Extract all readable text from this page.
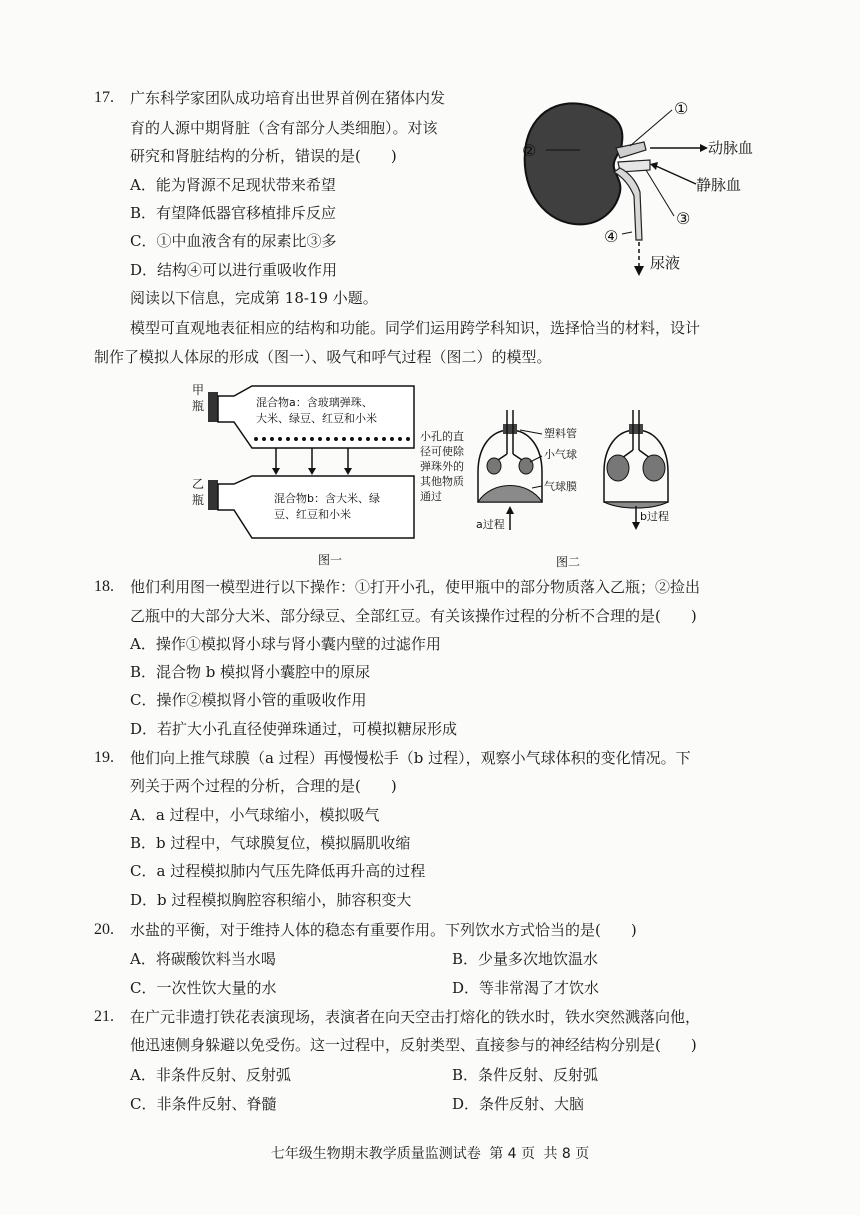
17. 广东科学家团队成功培育出世界首例在猪体内发
育的人源中期肾脏（含有部分人类细胞）。对该
研究和肾脏结构的分析，错误的是(　　)
A．能为肾源不足现状带来希望
B．有望降低器官移植排斥反应
C．①中血液含有的尿素比③多
D．结构④可以进行重吸收作用
①
②
③
④
动脉血
静脉血
尿液
阅读以下信息，完成第 18-19 小题。
模型可直观地表征相应的结构和功能。同学们运用跨学科知识，选择恰当的材料，设计
制作了模拟人体尿的形成（图一）、吸气和呼气过程（图二）的模型。
甲
瓶
乙
瓶
混合物a：含玻璃弹珠、
大米、绿豆、红豆和小米
混合物b：含大米、绿
豆、红豆和小米
小孔的直
径可使除
弹珠外的
其他物质
通过
图一
塑料管
小气球
气球膜
a过程
b过程
图二
18. 他们利用图一模型进行以下操作：①打开小孔，使甲瓶中的部分物质落入乙瓶；②捡出
乙瓶中的大部分大米、部分绿豆、全部红豆。有关该操作过程的分析不合理的是(　　)
A．操作①模拟肾小球与肾小囊内壁的过滤作用
B．混合物 b 模拟肾小囊腔中的原尿
C．操作②模拟肾小管的重吸收作用
D．若扩大小孔直径使弹珠通过，可模拟糖尿形成
19. 他们向上推气球膜（a 过程）再慢慢松手（b 过程），观察小气球体积的变化情况。下
列关于两个过程的分析，合理的是(　　)
A．a 过程中，小气球缩小，模拟吸气
B．b 过程中，气球膜复位，模拟膈肌收缩
C．a 过程模拟肺内气压先降低再升高的过程
D．b 过程模拟胸腔容积缩小，肺容积变大
20. 水盐的平衡，对于维持人体的稳态有重要作用。下列饮水方式恰当的是(　　)
A．将碳酸饮料当水喝	B．少量多次地饮温水
C．一次性饮大量的水	D．等非常渴了才饮水
21. 在广元非遗打铁花表演现场，表演者在向天空击打熔化的铁水时，铁水突然溅落向他，
他迅速侧身躲避以免受伤。这一过程中，反射类型、直接参与的神经结构分别是(　　)
A．非条件反射、反射弧	B．条件反射、反射弧
C．非条件反射、脊髓	D．条件反射、大脑
七年级生物期末教学质量监测试卷 第 4 页 共 8 页
